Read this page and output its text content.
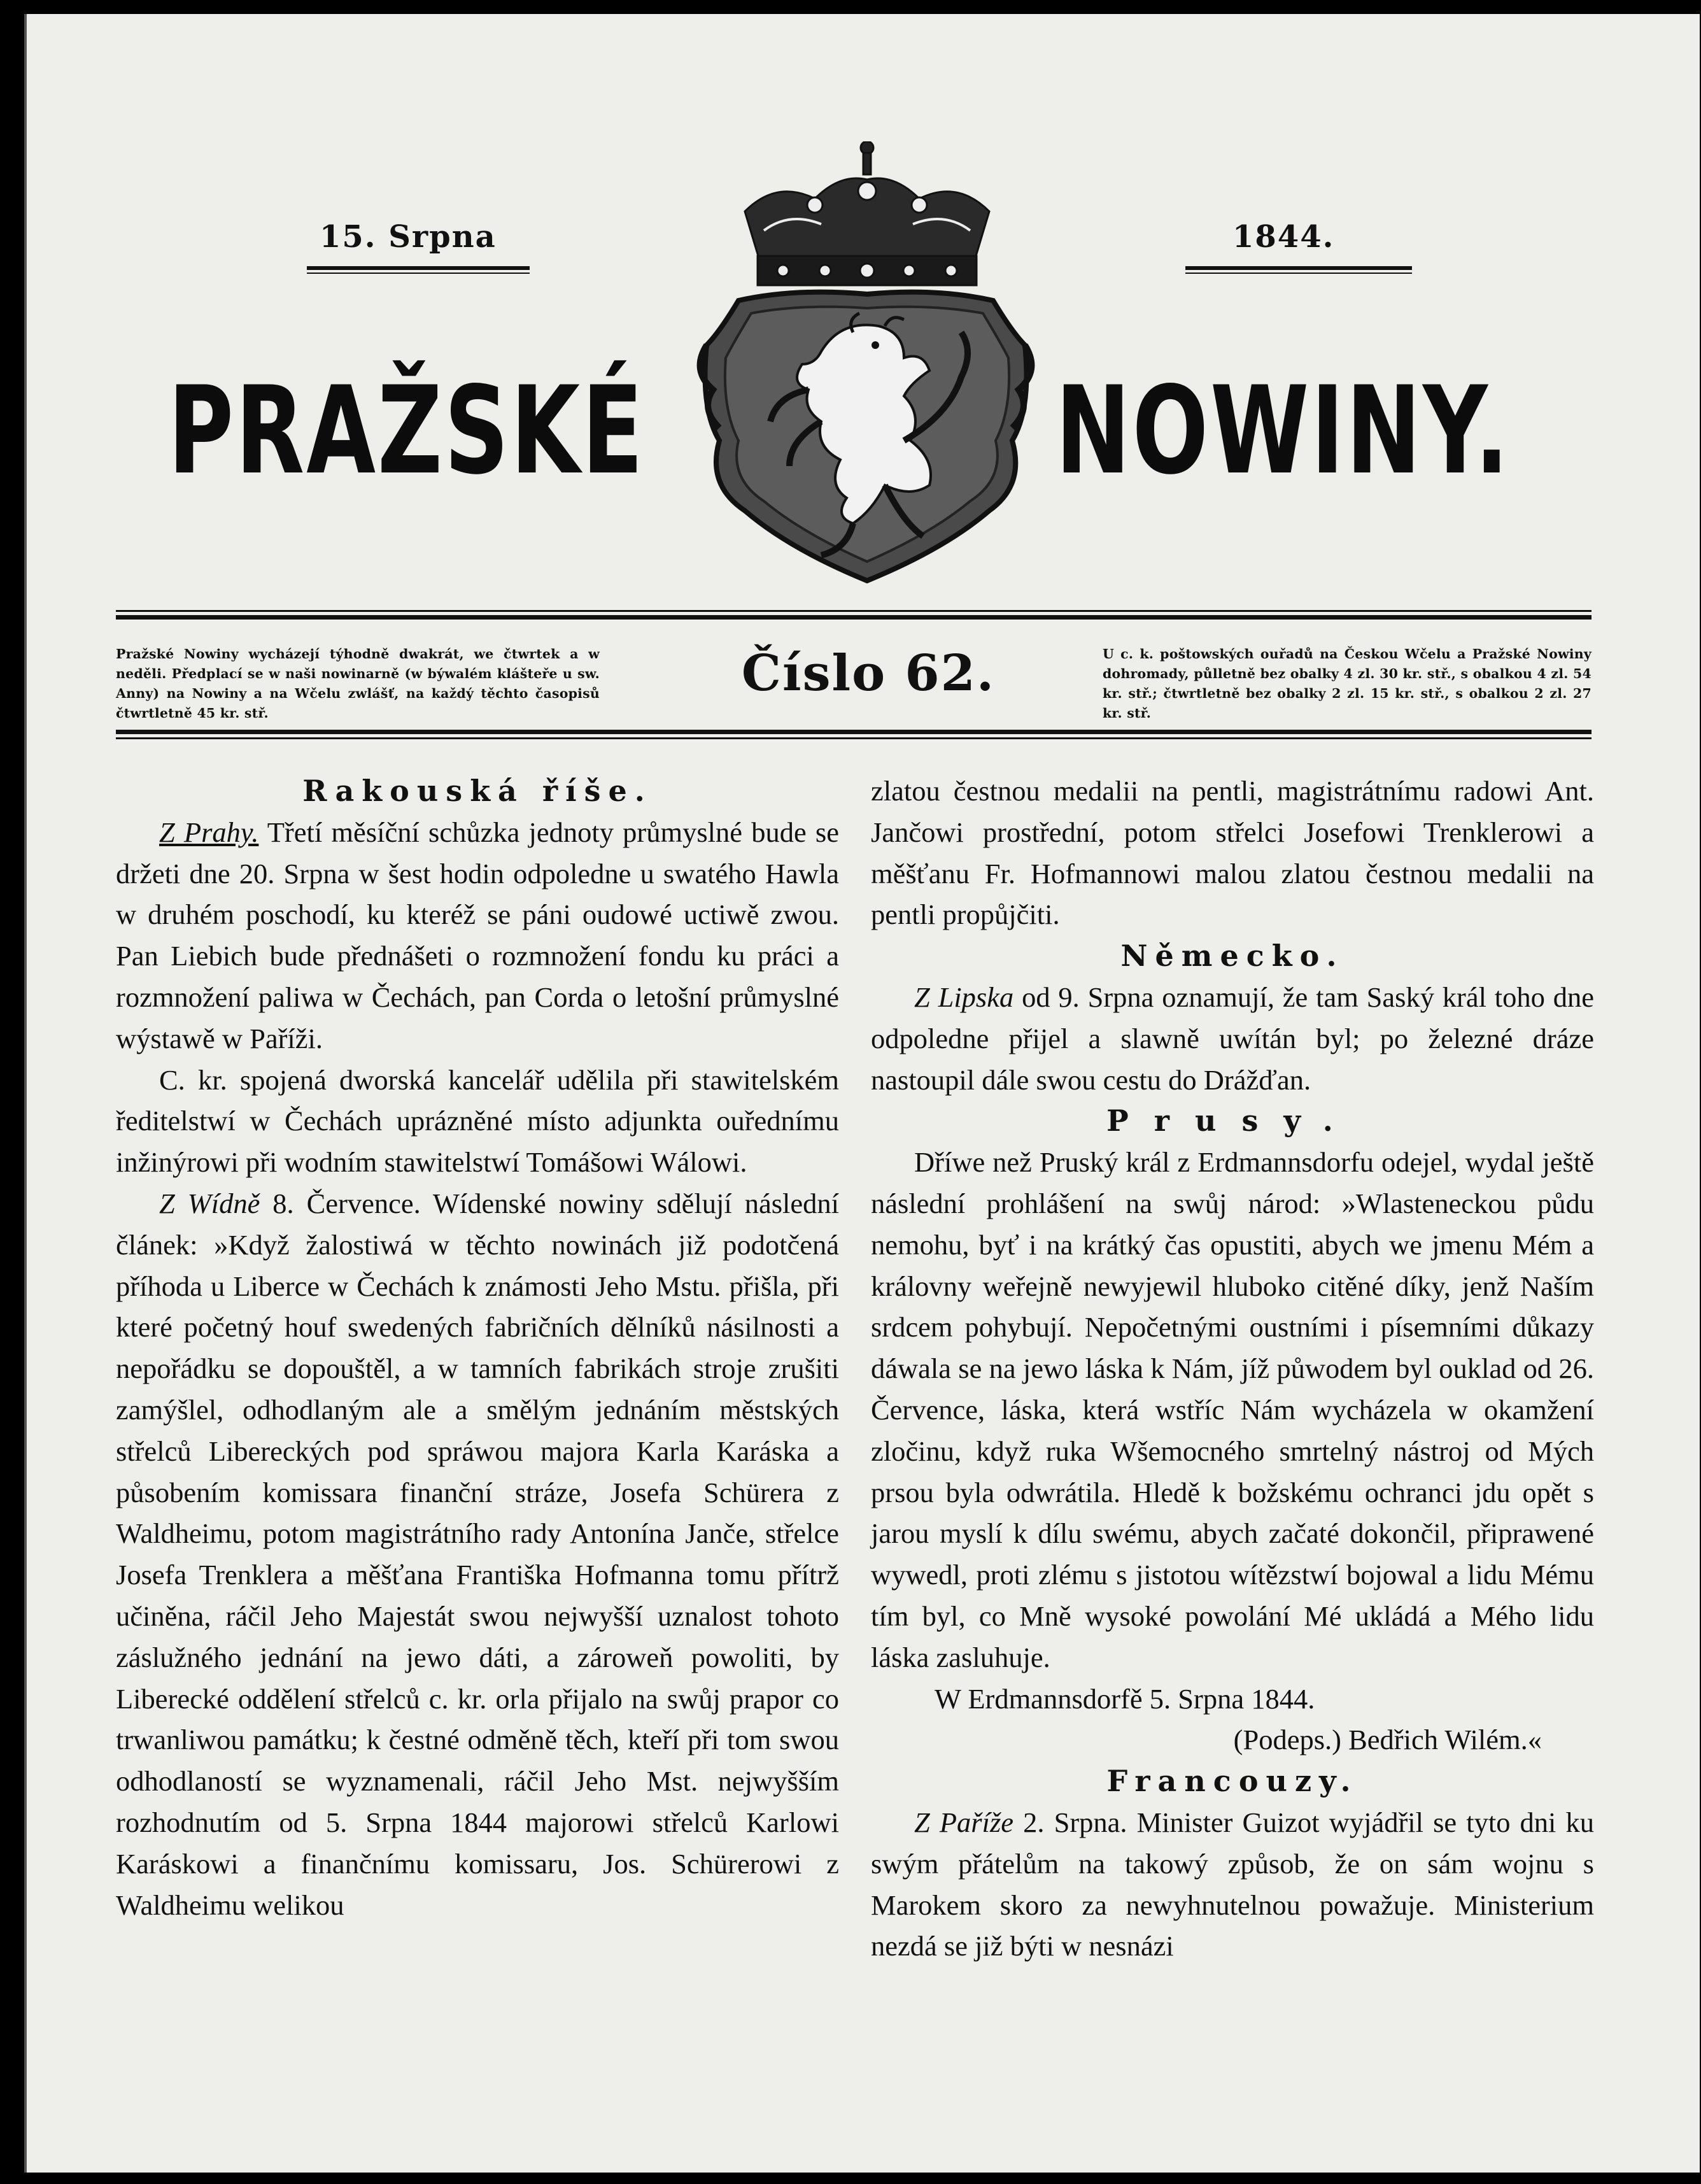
15. Srpna	1844.
PRAŽSKÉ	NOWINY.
Pražské Nowiny wycházejí týhodně dwakrát, we čtwrtek a w neděli. Předplací se w naši nowinarně (w býwalém klášteře u sw. Anny) na Nowiny a na Wčelu zwlášť, na každý těchto časopisů čtwrtletně 45 kr. stř.
Číslo 62.	U c. k. poštowských ouřadů na Českou Wčelu a Pražské Nowiny dohromady, půlletně bez obalky 4 zl. 30 kr. stř., s obalkou 4 zl. 54 kr. stř.; čtwrtletně bez obalky 2 zl. 15 kr. stř., s obalkou 2 zl. 27 kr. stř.
Rakouská říše.

Z Prahy. Třetí měsíční schůzka jednoty průmyslné bude se držeti dne 20. Srpna w šest hodin odpoledne u swatého Hawla w druhém poschodí, ku kteréž se páni oudowé uctiwě zwou. Pan Liebich bude přednášeti o rozmnožení fondu ku práci a rozmnožení paliwa w Čechách, pan Corda o letošní průmyslné wýstawě w Paříži.

C. kr. spojená dworská kancelář udělila při stawitelském ředitelstwí w Čechách uprázněné místo adjunkta ouřednímu inžinýrowi při wodním stawitelstwí Tomášowi Wálowi.

Z Wídně 8. Července. Wídenské nowiny sdělují následní článek: »Když žalostiwá w těchto nowinách již podotčená příhoda u Liberce w Čechách k známosti Jeho Mstu. přišla, při které početný houf swedených fabričních dělníků násilnosti a nepořádku se dopouštěl, a w tamních fabrikách stroje zrušiti zamýšlel, odhodlaným ale a smělým jednáním městských střelců Libereckých pod spráwou majora Karla Karáska a působením komissara finanční stráze, Josefa Schürera z Waldheimu, potom magistrátního rady Antonína Janče, střelce Josefa Trenklera a měšťana Františka Hofmanna tomu přítrž učiněna, ráčil Jeho Majestát swou nejwyšší uznalost tohoto záslužného jednání na jewo dáti, a zároweň powoliti, by Liberecké oddělení střelců c. kr. orla přijalo na swůj prapor co trwanliwou památku; k čestné odměně těch, kteří při tom swou odhodlaností se wyznamenali, ráčil Jeho Mst. nejwyšším rozhodnutím od 5. Srpna 1844 majorowi střelců Karlowi Karáskowi a finančnímu komissaru, Jos. Schürerowi z Waldheimu welikou

zlatou čestnou medalii na pentli, magistrátnímu radowi Ant. Jančowi prostřední, potom střelci Josefowi Trenklerowi a měšťanu Fr. Hofmannowi malou zlatou čestnou medalii na pentli propůjčiti.

Německo.

Z Lipska od 9. Srpna oznamují, že tam Saský král toho dne odpoledne přijel a slawně uwítán byl; po železné dráze nastoupil dále swou cestu do Drážďan.

Prusy.

Dříwe než Pruský král z Erdmannsdorfu odejel, wydal ještě následní prohlášení na swůj národ: »Wlasteneckou půdu nemohu, byť i na krátký čas opustiti, abych we jmenu Mém a královny weřejně newyjewil hluboko citěné díky, jenž Naším srdcem pohybují. Nepočetnými oustními i písemními důkazy dáwala se na jewo láska k Nám, jíž půwodem byl ouklad od 26. Července, láska, která wstříc Nám wycházela w okamžení zločinu, když ruka Wšemocného smrtelný nástroj od Mých prsou byla odwrátila. Hledě k božskému ochranci jdu opět s jarou myslí k dílu swému, abych začaté dokončil, připrawené wywedl, proti zlému s jistotou wítězstwí bojowal a lidu Mému tím byl, co Mně wysoké powolání Mé ukládá a Mého lidu láska zasluhuje.

W Erdmannsdorfě 5. Srpna 1844.

(Podeps.) Bedřich Wilém.«

Francouzy.

Z Paříže 2. Srpna. Minister Guizot wyjádřil se tyto dni ku swým přátelům na takowý způsob, že on sám wojnu s Marokem skoro za newyhnutelnou powažuje. Ministerium nezdá se již býti w nesnázi
